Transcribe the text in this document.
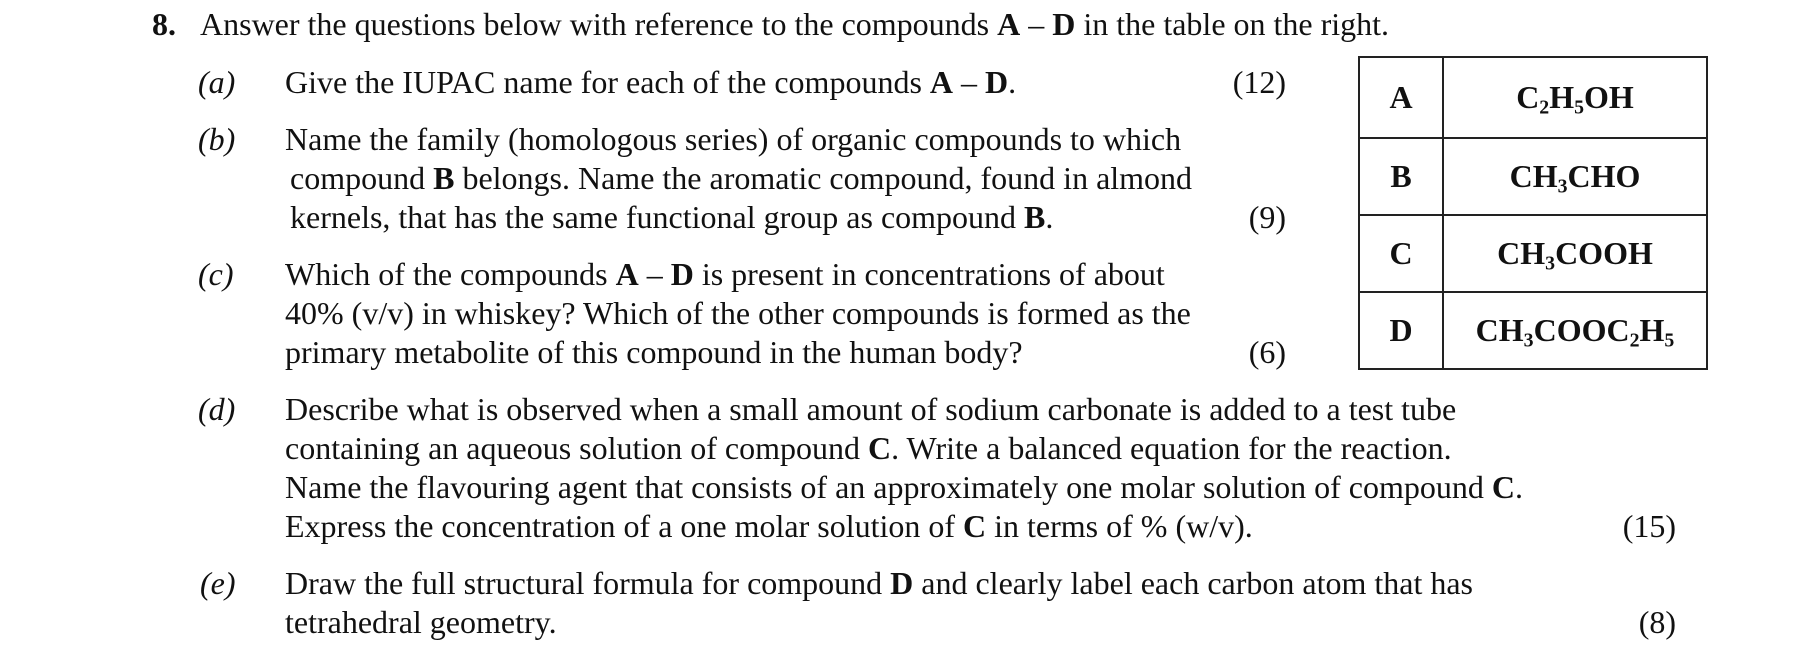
8. Answer the questions below with reference to the compounds A – D in the table on the right.
(a) Give the IUPAC name for each of the compounds A – D.	(12)
(b) Name the family (homologous series) of organic compounds to which
compound B belongs. Name the aromatic compound, found in almond
kernels, that has the same functional group as compound B.	(9)
(c) Which of the compounds A – D is present in concentrations of about
40% (v/v) in whiskey? Which of the other compounds is formed as the
primary metabolite of this compound in the human body?	(6)
(d) Describe what is observed when a small amount of sodium carbonate is added to a test tube
containing an aqueous solution of compound C. Write a balanced equation for the reaction.
Name the flavouring agent that consists of an approximately one molar solution of compound C.
Express the concentration of a one molar solution of C in terms of % (w/v).	(15)
(e) Draw the full structural formula for compound D and clearly label each carbon atom that has
tetrahedral geometry.	(8)
A	$C_2H_5OH$
B	$CH_3CHO$
C	$CH_3COOH$
D	$CH_3COOC_2H_5$
